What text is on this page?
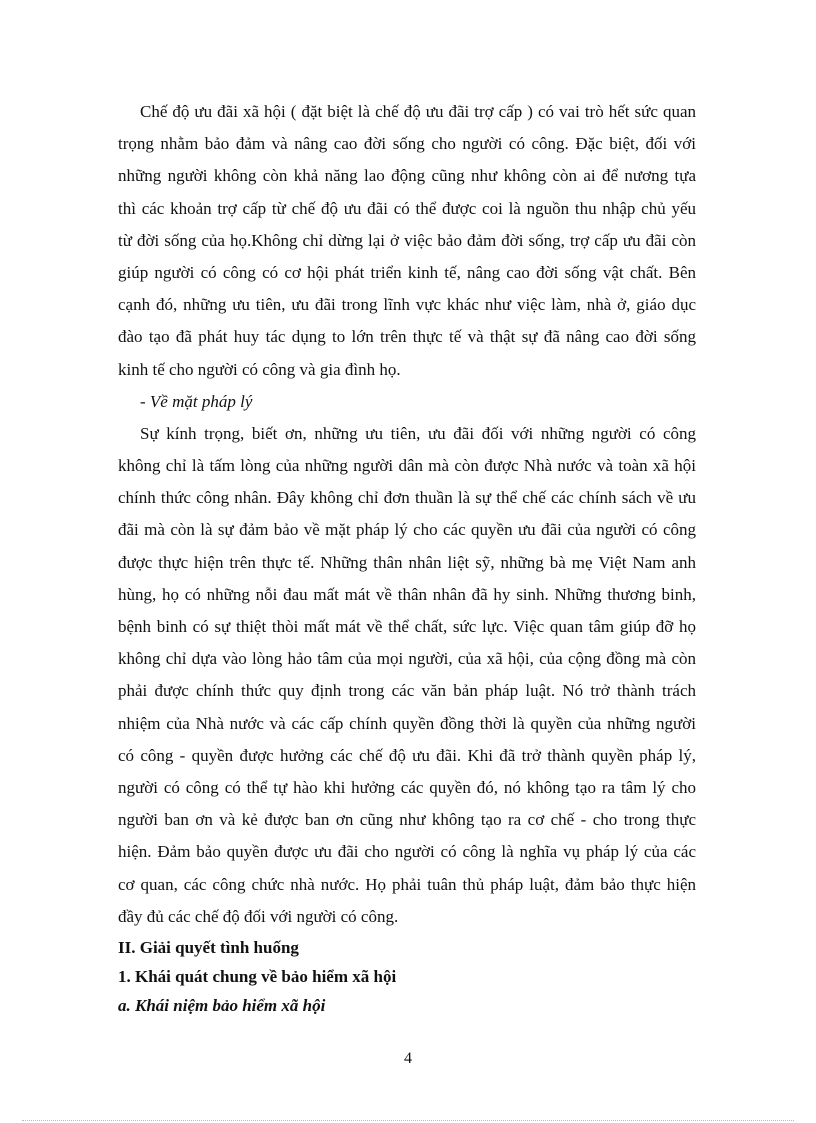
Chế độ ưu đãi xã hội ( đặt biệt là chế độ ưu đãi trợ cấp ) có vai trò hết sức quan
trọng nhằm bảo đảm và nâng cao đời sống cho người có công. Đặc biệt, đối với
những người không còn khả năng lao động cũng như không còn ai để nương tựa
thì các khoản trợ cấp từ chế độ ưu đãi có thể được coi là nguồn thu nhập chủ yếu
từ đời sống của họ.Không chỉ dừng lại ở việc bảo đảm đời sống, trợ cấp ưu đãi còn
giúp người có công có cơ hội phát triển kinh tế, nâng cao đời sống vật chất. Bên
cạnh đó, những ưu tiên, ưu đãi trong lĩnh vực khác như việc làm, nhà ở, giáo dục
đào tạo đã phát huy tác dụng to lớn trên thực tế và thật sự đã nâng cao đời sống
kinh tế cho người có công và gia đình họ.
- Về mặt pháp lý
Sự kính trọng, biết ơn, những ưu tiên, ưu đãi đối với những người có công
không chỉ là tấm lòng của những người dân mà còn được Nhà nước và toàn xã hội
chính thức công nhân. Đây không chỉ đơn thuần là sự thể chế các chính sách về ưu
đãi mà còn là sự đảm bảo về mặt pháp lý cho các quyền ưu đãi của người có công
được thực hiện trên thực tế. Những thân nhân liệt sỹ, những bà mẹ Việt Nam anh
hùng, họ có những nỗi đau mất mát về thân nhân đã hy sinh. Những thương binh,
bệnh binh có sự thiệt thòi mất mát về thể chất, sức lực. Việc quan tâm giúp đỡ họ
không chỉ dựa vào lòng hảo tâm của mọi người, của xã hội, của cộng đồng mà còn
phải được chính thức quy định trong các văn bản pháp luật. Nó trở thành trách
nhiệm của Nhà nước và các cấp chính quyền đồng thời là quyền của những người
có công - quyền được hưởng các chế độ ưu đãi. Khi đã trở thành quyền pháp lý,
người có công có thể tự hào khi hưởng các quyền đó, nó không tạo ra tâm lý cho
người ban ơn và kẻ được ban ơn cũng như không tạo ra cơ chế - cho trong thực
hiện. Đảm bảo quyền được ưu đãi cho người có công là nghĩa vụ pháp lý của các
cơ quan, các công chức nhà nước. Họ phải tuân thủ pháp luật, đảm bảo thực hiện
đầy đủ các chế độ đối với người có công.
II. Giải quyết tình huống
1. Khái quát chung về bảo hiểm xã hội
a. Khái niệm bảo hiểm xã hội
4
